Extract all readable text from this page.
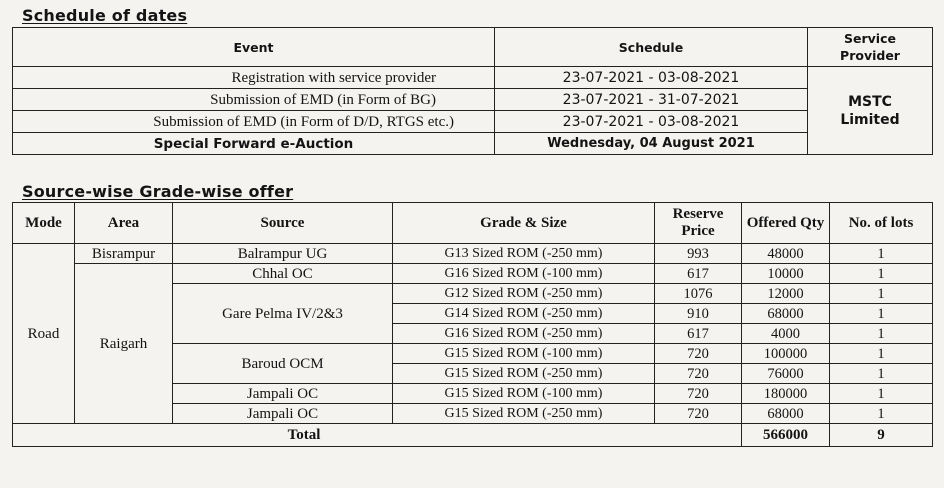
Schedule of dates
Event	Schedule	Service Provider
Registration with service provider	23-07-2021 - 03-08-2021	MSTC Limited

Submission of EMD (in Form of BG)	23-07-2021 - 31-07-2021	
Submission of EMD (in Form of D/D, RTGS etc.)	23-07-2021 - 03-08-2021	
Special Forward e-Auction	Wednesday, 04 August 2021	
Source-wise Grade-wise offer
Mode	Area	Source	Grade & Size	Reserve Price	Offered Qty	No. of lots
Road	Bisrampur	Balrampur UG	G13 Sized ROM (-250 mm)	993	48000	1
	Raigarh	Chhal OC	G16 Sized ROM (-100 mm)	617	10000	1
		Gare Pelma IV/2&3	G12 Sized ROM (-250 mm)	1076	12000	1
			G14 Sized ROM (-250 mm)	910	68000	1
			G16 Sized ROM (-250 mm)	617	4000	1
		Baroud OCM	G15 Sized ROM (-100 mm)	720	100000	1
			G15 Sized ROM (-250 mm)	720	76000	1
		Jampali OC	G15 Sized ROM (-100 mm)	720	180000	1
		Jampali OC	G15 Sized ROM (-250 mm)	720	68000	1
Total					566000	9
